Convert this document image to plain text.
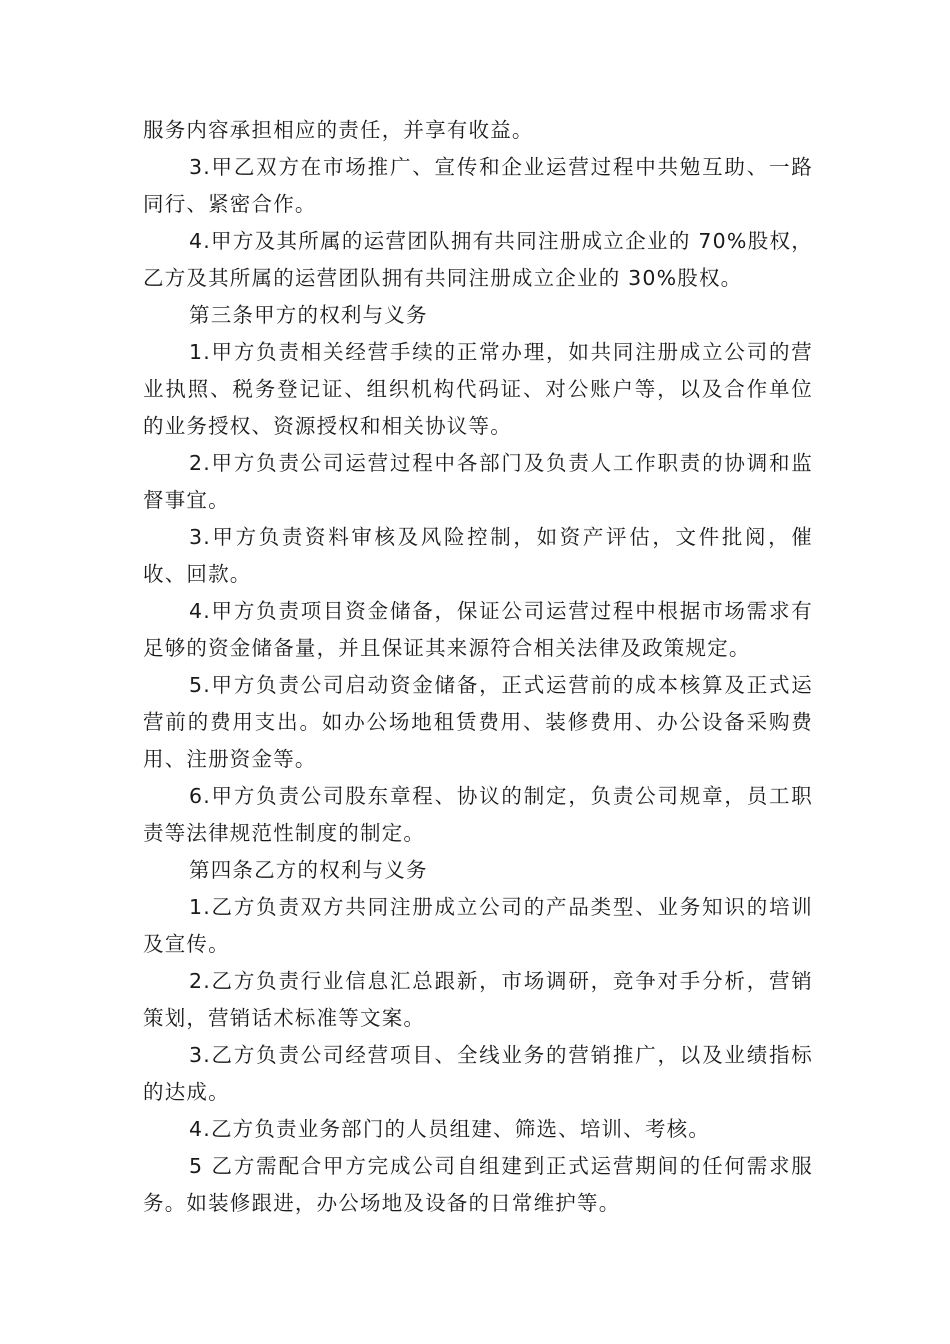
服务内容承担相应的责任，并享有收益。

3.甲乙双方在市场推广、宣传和企业运营过程中共勉互助、一路同行、紧密合作。

4.甲方及其所属的运营团队拥有共同注册成立企业的 70%股权，乙方及其所属的运营团队拥有共同注册成立企业的 30%股权。

第三条甲方的权利与义务

1.甲方负责相关经营手续的正常办理，如共同注册成立公司的营业执照、税务登记证、组织机构代码证、对公账户等，以及合作单位的业务授权、资源授权和相关协议等。

2.甲方负责公司运营过程中各部门及负责人工作职责的协调和监督事宜。

3.甲方负责资料审核及风险控制，如资产评估，文件批阅，催收、回款。

4.甲方负责项目资金储备，保证公司运营过程中根据市场需求有足够的资金储备量，并且保证其来源符合相关法律及政策规定。

5.甲方负责公司启动资金储备，正式运营前的成本核算及正式运营前的费用支出。如办公场地租赁费用、装修费用、办公设备采购费用、注册资金等。

6.甲方负责公司股东章程、协议的制定，负责公司规章，员工职责等法律规范性制度的制定。

第四条乙方的权利与义务

1.乙方负责双方共同注册成立公司的产品类型、业务知识的培训及宣传。

2.乙方负责行业信息汇总跟新，市场调研，竞争对手分析，营销策划，营销话术标准等文案。

3.乙方负责公司经营项目、全线业务的营销推广，以及业绩指标的达成。

4.乙方负责业务部门的人员组建、筛选、培训、考核。

5 乙方需配合甲方完成公司自组建到正式运营期间的任何需求服务。如装修跟进，办公场地及设备的日常维护等。
